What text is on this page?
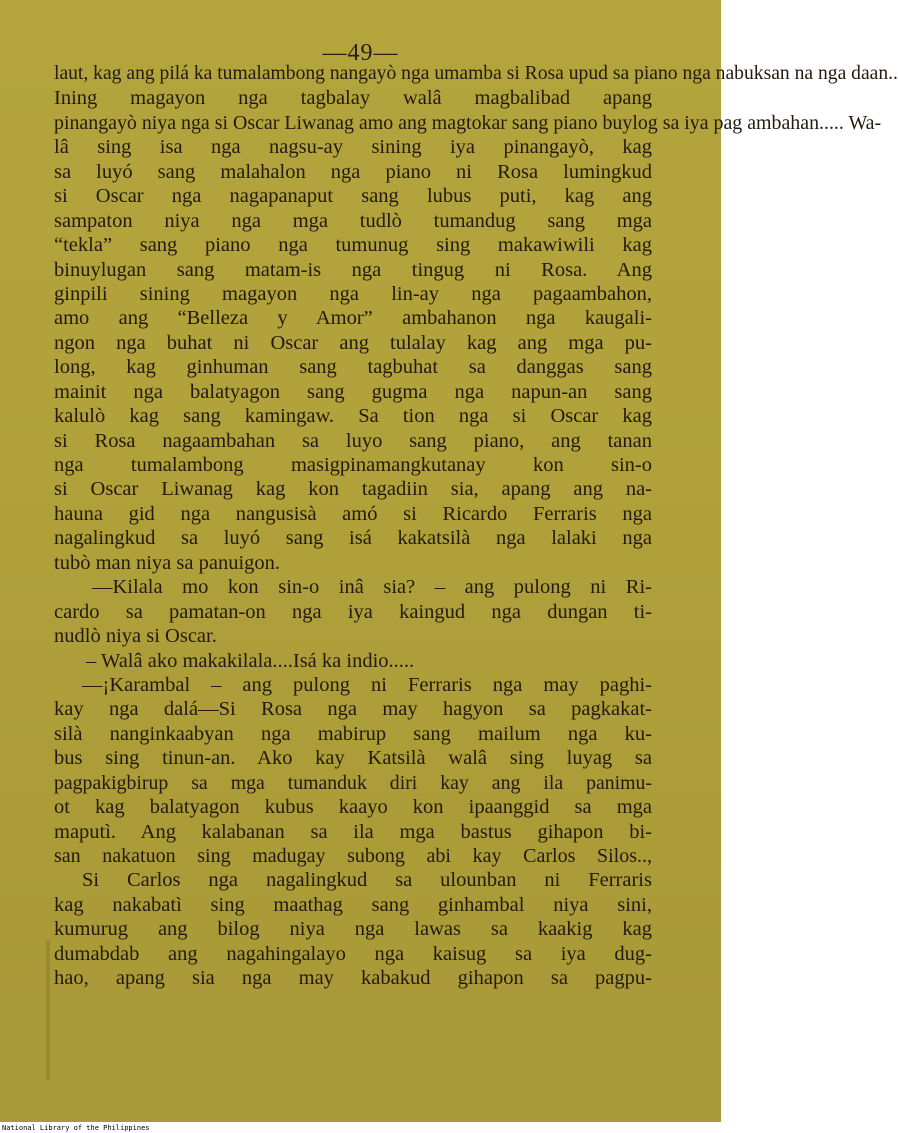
—49—
laut, kag ang pilá ka tumalambong nangayò nga umamba si Rosa upud sa piano nga nabuksan na nga daan..
Ining magayon nga tagbalay walâ magbalibad apang
pinangayò niya nga si Oscar Liwanag amo ang magtokar sang piano buylog sa iya pag ambahan..... Wa-
lâ sing isa nga nagsu-ay sining iya pinangayò, kag
sa luyó sang malahalon nga piano ni Rosa lumingkud
si Oscar nga nagapanaput sang lubus puti, kag ang
sampaton niya nga mga tudlò tumandug sang mga
“tekla” sang piano nga tumunug sing makawiwili kag
binuylugan sang matam-is nga tingug ni Rosa. Ang
ginpili sining magayon nga lin-ay nga pagaambahon,
amo ang “Belleza y Amor” ambahanon nga kaugali-
ngon nga buhat ni Oscar ang tulalay kag ang mga pu-
long, kag ginhuman sang tagbuhat sa danggas sang
mainit nga balatyagon sang gugma nga napun-an sang
kalulò kag sang kamingaw. Sa tion nga si Oscar kag
si Rosa nagaambahan sa luyo sang piano, ang tanan
nga tumalambong masigpinamangkutanay kon sin-o
si Oscar Liwanag kag kon tagadiin sia, apang ang na-
hauna gid nga nangusisà amó si Ricardo Ferraris nga
nagalingkud sa luyó sang isá kakatsilà nga lalaki nga
tubò man niya sa panuigon.
—Kilala mo kon sin-o inâ sia? – ang pulong ni Ri-
cardo sa pamatan-on nga iya kaingud nga dungan ti-
nudlò niya si Oscar.
– Walâ ako makakilala....Isá ka indio.....
—¡Karambal – ang pulong ni Ferraris nga may paghi-
kay nga dalá—Si Rosa nga may hagyon sa pagkakat-
silà nanginkaabyan nga mabirup sang mailum nga ku-
bus sing tinun-an. Ako kay Katsilà walâ sing luyag sa
pagpakigbirup sa mga tumanduk diri kay ang ila panimu-
ot kag balatyagon kubus kaayo kon ipaanggid sa mga
maputì. Ang kalabanan sa ila mga bastus gihapon bi-
san nakatuon sing madugay subong abi kay Carlos Silos..,
Si Carlos nga nagalingkud sa ulounban ni Ferraris
kag nakabatì sing maathag sang ginhambal niya sini,
kumurug ang bilog niya nga lawas sa kaakig kag
dumabdab ang nagahingalayo nga kaisug sa iya dug-
hao, apang sia nga may kabakud gihapon sa pagpu-
National Library of the Philippines
